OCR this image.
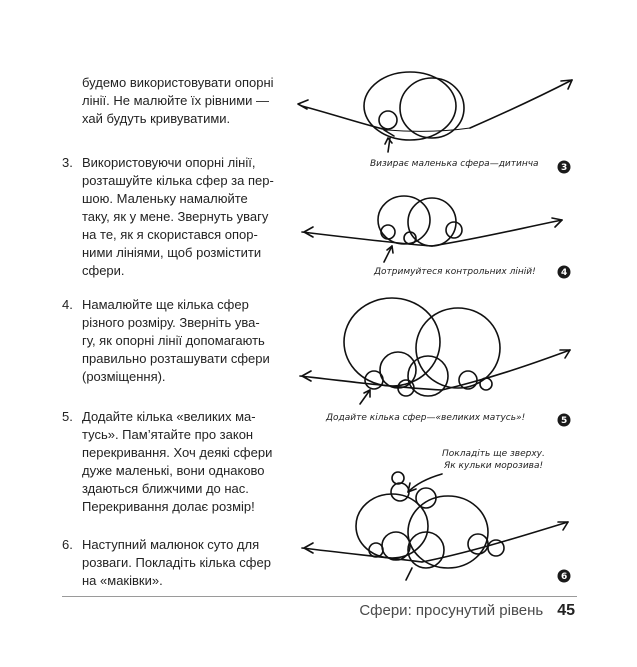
будемо використовувати опорні
лінії. Не малюйте їх рівними —
хай будуть кривуватими.
3. Використовуючи опорні лінії,
розташуйте кілька сфер за пер-
шою. Маленьку намалюйте
таку, як у мене. Звернуть увагу
на те, як я скористався опор-
ними лініями, щоб розмістити
сфери.
4. Намалюйте ще кілька сфер
різного розміру. Зверніть ува-
гу, як опорні лінії допомагають
правильно розташувати сфери
(розміщення).
5. Додайте кілька «великих ма-
тусь». Пам’ятайте про закон
перекривання. Хоч деякі сфери
дуже маленькі, вони однаково
здаються ближчими до нас.
Перекривання долає розмір!
6. Наступний малюнок суто для
розваги. Покладіть кілька сфер
на «маківки».
Визирає маленька сфера—дитинча 3
Дотримуйтеся контрольних ліній!	4
Додайте кілька сфер—«великих матусь»!	5
Покладіть ще зверху.
Як кульки морозива!
6
Сфери: просунутий рівень 45
